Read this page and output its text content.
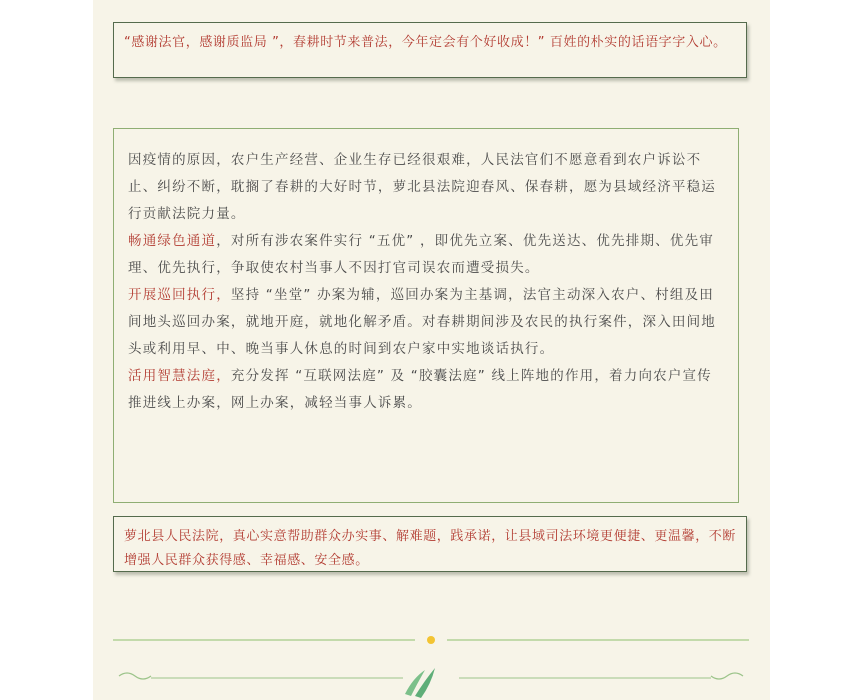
“感谢法官，感谢质监局 ”，春耕时节来普法，今年定会有个好收成！” 百姓的朴实的话语字字入心。

因疫情的原因，农户生产经营、企业生存已经很艰难，人民法官们不愿意看到农户诉讼不止、纠纷不断，耽搁了春耕的大好时节，萝北县法院迎春风、保春耕，愿为县域经济平稳运行贡献法院力量。

畅通绿色通道，对所有涉农案件实行 “五优” ，即优先立案、优先送达、优先排期、优先审理、优先执行，争取使农村当事人不因打官司误农而遭受损失。

开展巡回执行，坚持 “坐堂” 办案为辅，巡回办案为主基调，法官主动深入农户、村组及田间地头巡回办案，就地开庭，就地化解矛盾。对春耕期间涉及农民的执行案件，深入田间地头或利用早、中、晚当事人休息的时间到农户家中实地谈话执行。

活用智慧法庭，充分发挥 “互联网法庭” 及 “胶囊法庭” 线上阵地的作用，着力向农户宣传推进线上办案，网上办案，减轻当事人诉累。

萝北县人民法院，真心实意帮助群众办实事、解难题，践承诺，让县域司法环境更便捷、更温馨，不断增强人民群众获得感、幸福感、安全感。
